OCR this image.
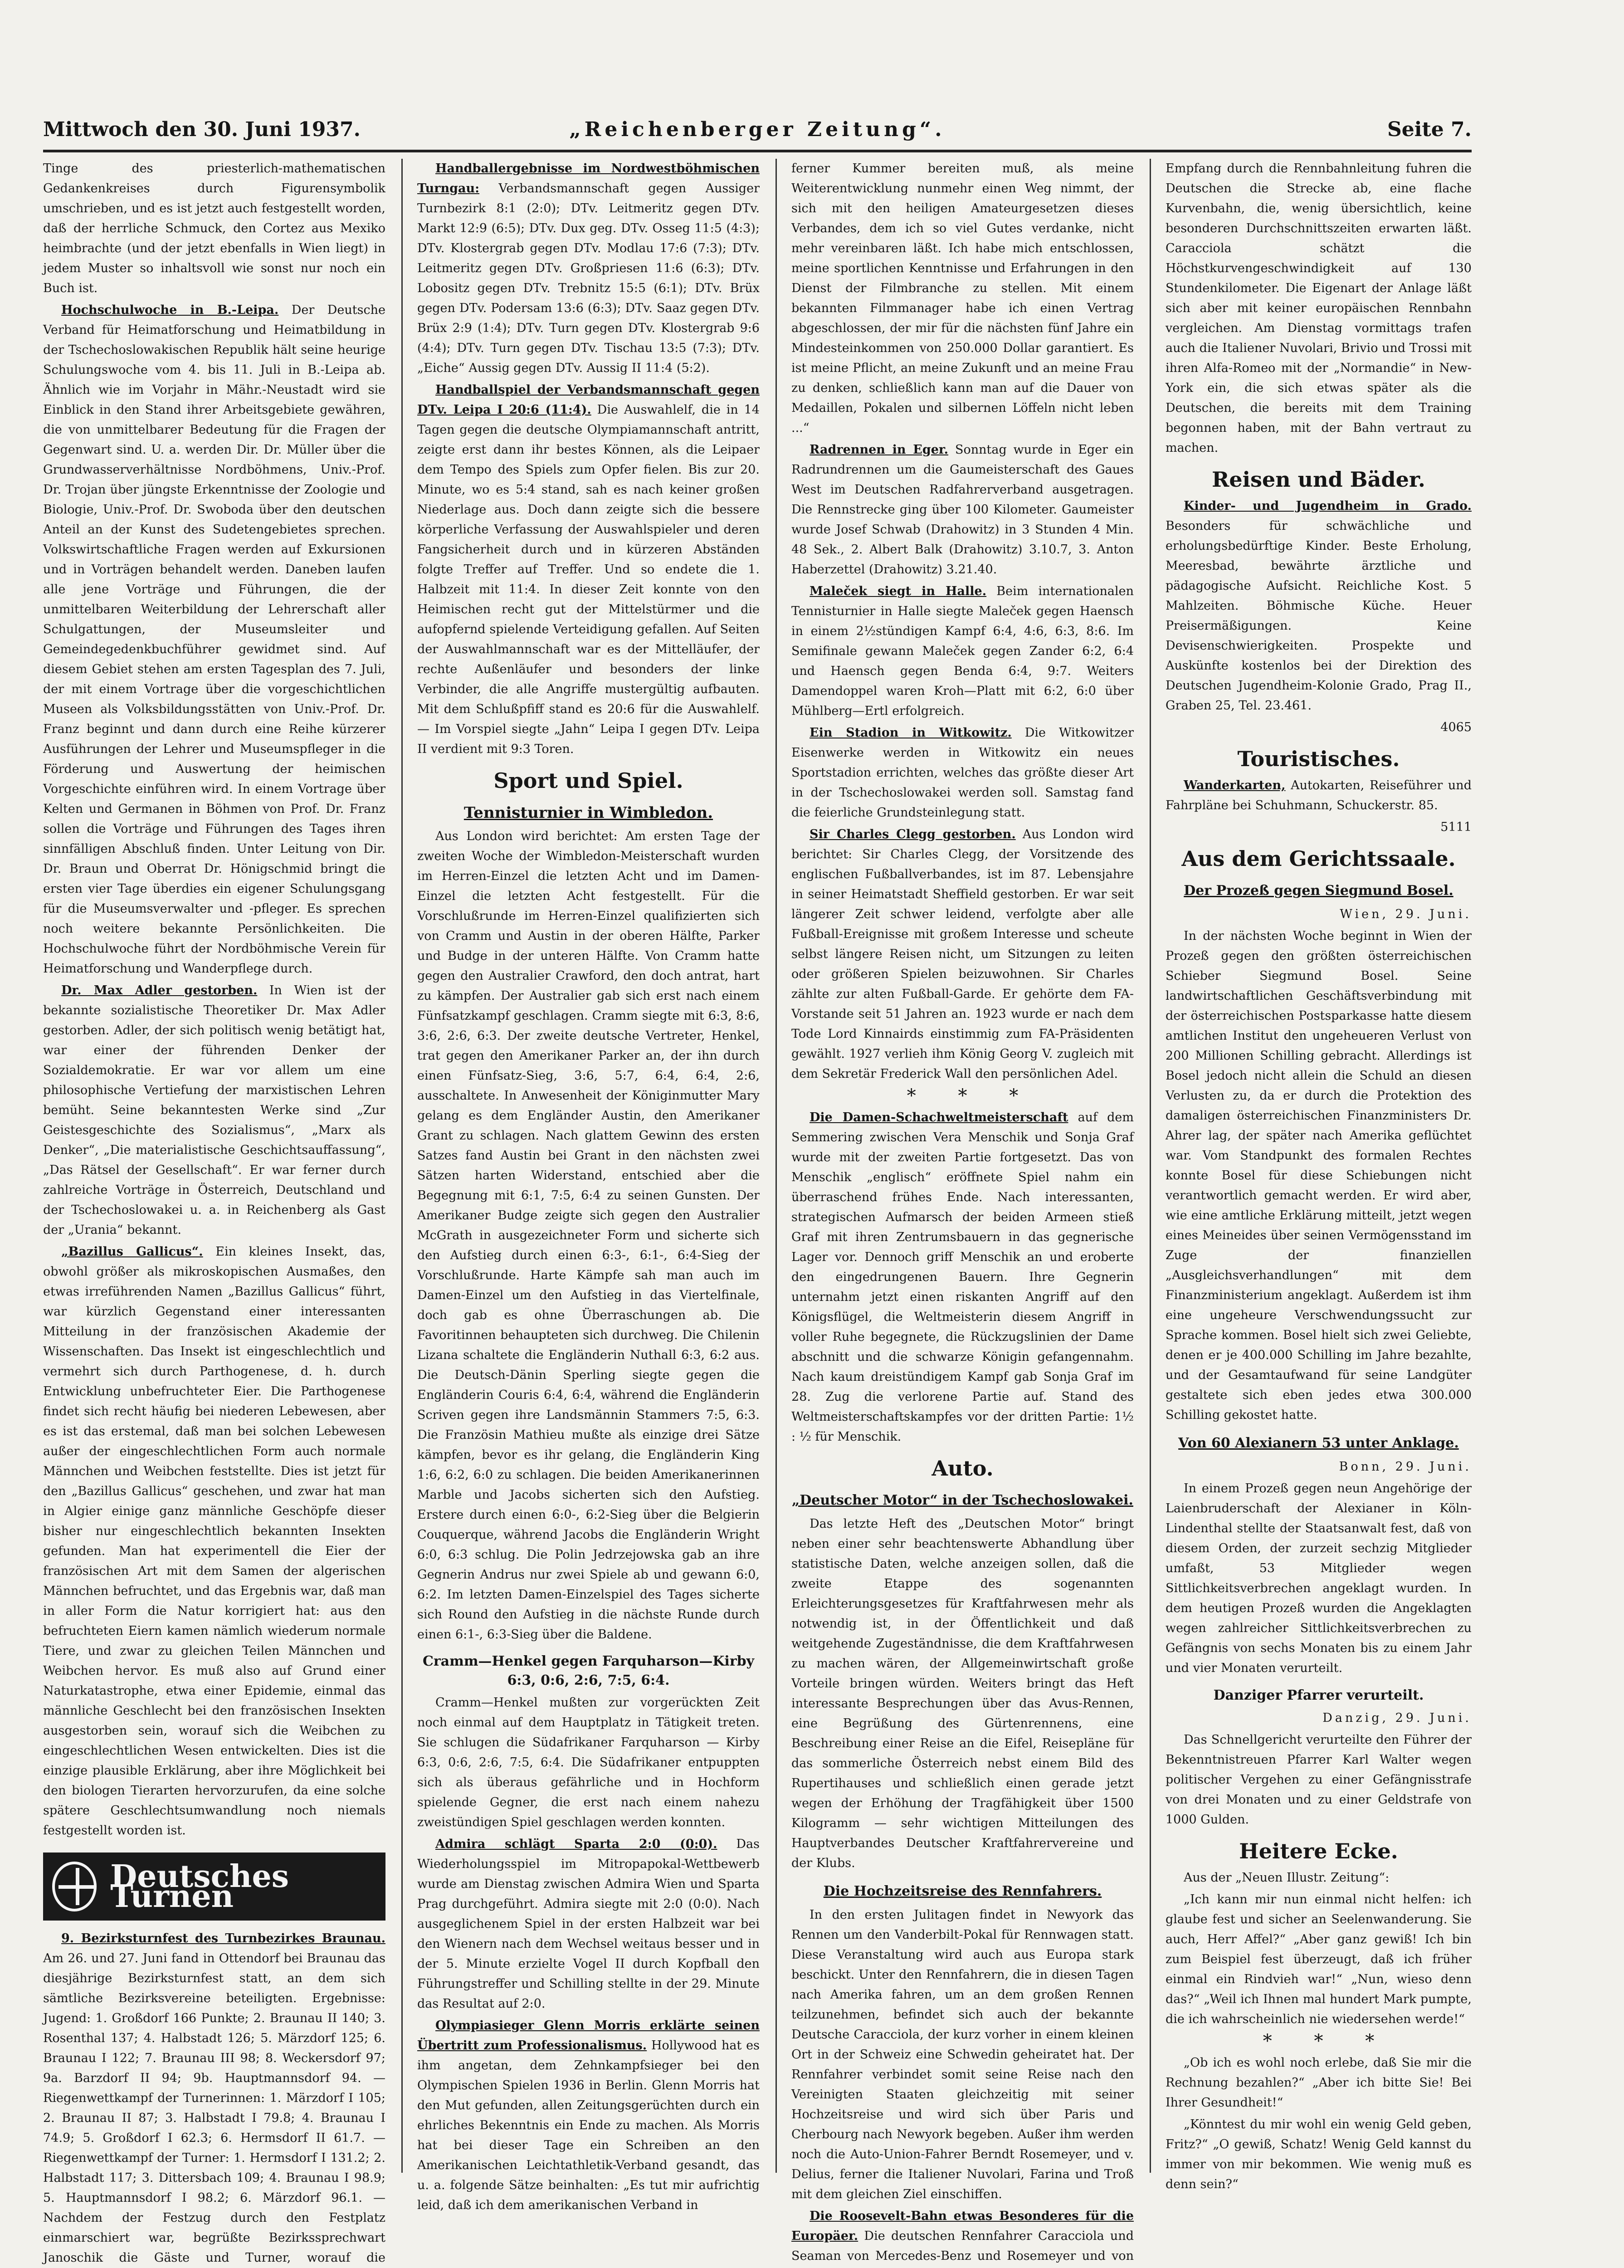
Mittwoch den 30. Juni 1937.	„Reichenberger Zeitung“.	Seite 7.

Tinge des priesterlich-mathematischen Gedankenkreises durch Figurensymbolik umschrieben, und es ist jetzt auch festgestellt worden, daß der herrliche Schmuck, den Cortez aus Mexiko heimbrachte (und der jetzt ebenfalls in Wien liegt) in jedem Muster so inhaltsvoll wie sonst nur noch ein Buch ist.

Hochschulwoche in B.-Leipa. Der Deutsche Verband für Heimatforschung und Heimatbildung in der Tschechoslowakischen Republik hält seine heurige Schulungswoche vom 4. bis 11. Juli in B.-Leipa ab. Ähnlich wie im Vorjahr in Mähr.-Neustadt wird sie Einblick in den Stand ihrer Arbeitsgebiete gewähren, die von unmittelbarer Bedeutung für die Fragen der Gegenwart sind. U. a. werden Dir. Dr. Müller über die Grundwasserverhältnisse Nordböhmens, Univ.-Prof. Dr. Trojan über jüngste Erkenntnisse der Zoologie und Biologie, Univ.-Prof. Dr. Swoboda über den deutschen Anteil an der Kunst des Sudetengebietes sprechen. Volkswirtschaftliche Fragen werden auf Exkursionen und in Vorträgen behandelt werden. Daneben laufen alle jene Vorträge und Führungen, die der unmittelbaren Weiterbildung der Lehrerschaft aller Schulgattungen, der Museumsleiter und Gemeindegedenkbuchführer gewidmet sind. Auf diesem Gebiet stehen am ersten Tagesplan des 7. Juli, der mit einem Vortrage über die vorgeschichtlichen Museen als Volksbildungsstätten von Univ.-Prof. Dr. Franz beginnt und dann durch eine Reihe kürzerer Ausführungen der Lehrer und Museumspfleger in die Förderung und Auswertung der heimischen Vorgeschichte einführen wird. In einem Vortrage über Kelten und Germanen in Böhmen von Prof. Dr. Franz sollen die Vorträge und Führungen des Tages ihren sinnfälligen Abschluß finden. Unter Leitung von Dir. Dr. Braun und Oberrat Dr. Hönigschmid bringt die ersten vier Tage überdies ein eigener Schulungsgang für die Museumsverwalter und -pfleger. Es sprechen noch weitere bekannte Persönlichkeiten. Die Hochschulwoche führt der Nordböhmische Verein für Heimatforschung und Wanderpflege durch.

Dr. Max Adler gestorben. In Wien ist der bekannte sozialistische Theoretiker Dr. Max Adler gestorben. Adler, der sich politisch wenig betätigt hat, war einer der führenden Denker der Sozialdemokratie. Er war vor allem um eine philosophische Vertiefung der marxistischen Lehren bemüht. Seine bekanntesten Werke sind „Zur Geistesgeschichte des Sozialismus“, „Marx als Denker“, „Die materialistische Geschichtsauffassung“, „Das Rätsel der Gesellschaft“. Er war ferner durch zahlreiche Vorträge in Österreich, Deutschland und der Tschechoslowakei u. a. in Reichenberg als Gast der „Urania“ bekannt.

„Bazillus Gallicus“. Ein kleines Insekt, das, obwohl größer als mikroskopischen Ausmaßes, den etwas irreführenden Namen „Bazillus Gallicus“ führt, war kürzlich Gegenstand einer interessanten Mitteilung in der französischen Akademie der Wissenschaften. Das Insekt ist eingeschlechtlich und vermehrt sich durch Parthogenese, d. h. durch Entwicklung unbefruchteter Eier. Die Parthogenese findet sich recht häufig bei niederen Lebewesen, aber es ist das erstemal, daß man bei solchen Lebewesen außer der eingeschlechtlichen Form auch normale Männchen und Weibchen feststellte. Dies ist jetzt für den „Bazillus Gallicus“ geschehen, und zwar hat man in Algier einige ganz männliche Geschöpfe dieser bisher nur eingeschlechtlich bekannten Insekten gefunden. Man hat experimentell die Eier der französischen Art mit dem Samen der algerischen Männchen befruchtet, und das Ergebnis war, daß man in aller Form die Natur korrigiert hat: aus den befruchteten Eiern kamen nämlich wiederum normale Tiere, und zwar zu gleichen Teilen Männchen und Weibchen hervor. Es muß also auf Grund einer Naturkatastrophe, etwa einer Epidemie, einmal das männliche Geschlecht bei den französischen Insekten ausgestorben sein, worauf sich die Weibchen zu eingeschlechtlichen Wesen entwickelten. Dies ist die einzige plausible Erklärung, aber ihre Möglichkeit bei den biologen Tierarten hervorzurufen, da eine solche spätere Geschlechtsumwandlung noch niemals festgestellt worden ist.

Deutsches Turnen

9. Bezirksturnfest des Turnbezirkes Braunau. Am 26. und 27. Juni fand in Ottendorf bei Braunau das diesjährige Bezirksturnfest statt, an dem sich sämtliche Bezirksvereine beteiligten. Ergebnisse: Jugend: 1. Großdorf 166 Punkte; 2. Braunau II 140; 3. Rosenthal 137; 4. Halbstadt 126; 5. Märzdorf 125; 6. Braunau I 122; 7. Braunau III 98; 8. Weckersdorf 97; 9a. Barzdorf II 94; 9b. Hauptmannsdorf 94. — Riegenwettkampf der Turnerinnen: 1. Märzdorf I 105; 2. Braunau II 87; 3. Halbstadt I 79.8; 4. Braunau I 74.9; 5. Großdorf I 62.3; 6. Hermsdorf II 61.7. — Riegenwettkampf der Turner: 1. Hermsdorf I 131.2; 2. Halbstadt 117; 3. Dittersbach 109; 4. Braunau I 98.9; 5. Hauptmannsdorf I 98.2; 6. Märzdorf 96.1. — Nachdem der Festzug durch den Festplatz einmarschiert war, begrüßte Bezirkssprechwart Janoschik die Gäste und Turner, worauf die

Handballergebnisse im Nordwestböhmischen Turngau: Verbandsmannschaft gegen Aussiger Turnbezirk 8:1 (2:0); DTv. Leitmeritz gegen DTv. Markt 12:9 (6:5); DTv. Dux geg. DTv. Osseg 11:5 (4:3); DTv. Klostergrab gegen DTv. Modlau 17:6 (7:3); DTv. Leitmeritz gegen DTv. Großpriesen 11:6 (6:3); DTv. Lobositz gegen DTv. Trebnitz 15:5 (6:1); DTv. Brüx gegen DTv. Podersam 13:6 (6:3); DTv. Saaz gegen DTv. Brüx 2:9 (1:4); DTv. Turn gegen DTv. Klostergrab 9:6 (4:4); DTv. Turn gegen DTv. Tischau 13:5 (7:3); DTv. „Eiche“ Aussig gegen DTv. Aussig II 11:4 (5:2).

Handballspiel der Verbandsmannschaft gegen DTv. Leipa I 20:6 (11:4). Die Auswahlelf, die in 14 Tagen gegen die deutsche Olympiamannschaft antritt, zeigte erst dann ihr bestes Können, als die Leipaer dem Tempo des Spiels zum Opfer fielen. Bis zur 20. Minute, wo es 5:4 stand, sah es nach keiner großen Niederlage aus. Doch dann zeigte sich die bessere körperliche Verfassung der Auswahlspieler und deren Fangsicherheit durch und in kürzeren Abständen folgte Treffer auf Treffer. Und so endete die 1. Halbzeit mit 11:4. In dieser Zeit konnte von den Heimischen recht gut der Mittelstürmer und die aufopfernd spielende Verteidigung gefallen. Auf Seiten der Auswahlmannschaft war es der Mittelläufer, der rechte Außenläufer und besonders der linke Verbinder, die alle Angriffe mustergültig aufbauten. Mit dem Schlußpfiff stand es 20:6 für die Auswahlelf. — Im Vorspiel siegte „Jahn“ Leipa I gegen DTv. Leipa II verdient mit 9:3 Toren.

Sport und Spiel.
Tennisturnier in Wimbledon.

Aus London wird berichtet: Am ersten Tage der zweiten Woche der Wimbledon-Meisterschaft wurden im Herren-Einzel die letzten Acht und im Damen-Einzel die letzten Acht festgestellt. Für die Vorschlußrunde im Herren-Einzel qualifizierten sich von Cramm und Austin in der oberen Hälfte, Parker und Budge in der unteren Hälfte. Von Cramm hatte gegen den Australier Crawford, den doch antrat, hart zu kämpfen. Der Australier gab sich erst nach einem Fünfsatzkampf geschlagen. Cramm siegte mit 6:3, 8:6, 3:6, 2:6, 6:3. Der zweite deutsche Vertreter, Henkel, trat gegen den Amerikaner Parker an, der ihn durch einen Fünfsatz-Sieg, 3:6, 5:7, 6:4, 6:4, 2:6, ausschaltete. In Anwesenheit der Königinmutter Mary gelang es dem Engländer Austin, den Amerikaner Grant zu schlagen. Nach glattem Gewinn des ersten Satzes fand Austin bei Grant in den nächsten zwei Sätzen harten Widerstand, entschied aber die Begegnung mit 6:1, 7:5, 6:4 zu seinen Gunsten. Der Amerikaner Budge zeigte sich gegen den Australier McGrath in ausgezeichneter Form und sicherte sich den Aufstieg durch einen 6:3-, 6:1-, 6:4-Sieg der Vorschlußrunde. Harte Kämpfe sah man auch im Damen-Einzel um den Aufstieg in das Viertelfinale, doch gab es ohne Überraschungen ab. Die Favoritinnen behaupteten sich durchweg. Die Chilenin Lizana schaltete die Engländerin Nuthall 6:3, 6:2 aus. Die Deutsch-Dänin Sperling siegte gegen die Engländerin Couris 6:4, 6:4, während die Engländerin Scriven gegen ihre Landsmännin Stammers 7:5, 6:3. Die Französin Mathieu mußte als einzige drei Sätze kämpfen, bevor es ihr gelang, die Engländerin King 1:6, 6:2, 6:0 zu schlagen. Die beiden Amerikanerinnen Marble und Jacobs sicherten sich den Aufstieg. Erstere durch einen 6:0-, 6:2-Sieg über die Belgierin Couquerque, während Jacobs die Engländerin Wright 6:0, 6:3 schlug. Die Polin Jedrzejowska gab an ihre Gegnerin Andrus nur zwei Spiele ab und gewann 6:0, 6:2. Im letzten Damen-Einzelspiel des Tages sicherte sich Round den Aufstieg in die nächste Runde durch einen 6:1-, 6:3-Sieg über die Baldene.

Cramm—Henkel gegen Farquharson—Kirby 6:3, 0:6, 2:6, 7:5, 6:4.

Cramm—Henkel mußten zur vorgerückten Zeit noch einmal auf dem Hauptplatz in Tätigkeit treten. Sie schlugen die Südafrikaner Farquharson — Kirby 6:3, 0:6, 2:6, 7:5, 6:4. Die Südafrikaner entpuppten sich als überaus gefährliche und in Hochform spielende Gegner, die erst nach einem nahezu zweistündigen Spiel geschlagen werden konnten.

Admira schlägt Sparta 2:0 (0:0). Das Wiederholungsspiel im Mitropapokal-Wettbewerb wurde am Dienstag zwischen Admira Wien und Sparta Prag durchgeführt. Admira siegte mit 2:0 (0:0). Nach ausgeglichenem Spiel in der ersten Halbzeit war bei den Wienern nach dem Wechsel weitaus besser und in der 5. Minute erzielte Vogel II durch Kopfball den Führungstreffer und Schilling stellte in der 29. Minute das Resultat auf 2:0.

Olympiasieger Glenn Morris erklärte seinen Übertritt zum Professionalismus. Hollywood hat es ihm angetan, dem Zehnkampfsieger bei den Olympischen Spielen 1936 in Berlin. Glenn Morris hat den Mut gefunden, allen Zeitungsgerüchten durch ein ehrliches Bekenntnis ein Ende zu machen. Als Morris hat bei dieser Tage ein Schreiben an den Amerikanischen Leichtathletik-Verband gesandt, das u. a. folgende Sätze beinhalten: „Es tut mir aufrichtig leid, daß ich dem amerikanischen Verband in

ferner Kummer bereiten muß, als meine Weiterentwicklung nunmehr einen Weg nimmt, der sich mit den heiligen Amateurgesetzen dieses Verbandes, dem ich so viel Gutes verdanke, nicht mehr vereinbaren läßt. Ich habe mich entschlossen, meine sportlichen Kenntnisse und Erfahrungen in den Dienst der Filmbranche zu stellen. Mit einem bekannten Filmmanager habe ich einen Vertrag abgeschlossen, der mir für die nächsten fünf Jahre ein Mindesteinkommen von 250.000 Dollar garantiert. Es ist meine Pflicht, an meine Zukunft und an meine Frau zu denken, schließlich kann man auf die Dauer von Medaillen, Pokalen und silbernen Löffeln nicht leben ...“

Radrennen in Eger. Sonntag wurde in Eger ein Radrundrennen um die Gaumeisterschaft des Gaues West im Deutschen Radfahrerverband ausgetragen. Die Rennstrecke ging über 100 Kilometer. Gaumeister wurde Josef Schwab (Drahowitz) in 3 Stunden 4 Min. 48 Sek., 2. Albert Balk (Drahowitz) 3.10.7, 3. Anton Haberzettel (Drahowitz) 3.21.40.

Maleček siegt in Halle. Beim internationalen Tennisturnier in Halle siegte Maleček gegen Haensch in einem 2½stündigen Kampf 6:4, 4:6, 6:3, 8:6. Im Semifinale gewann Maleček gegen Zander 6:2, 6:4 und Haensch gegen Benda 6:4, 9:7. Weiters Damendoppel waren Kroh—Platt mit 6:2, 6:0 über Mühlberg—Ertl erfolgreich.

Ein Stadion in Witkowitz. Die Witkowitzer Eisenwerke werden in Witkowitz ein neues Sportstadion errichten, welches das größte dieser Art in der Tschechoslowakei werden soll. Samstag fand die feierliche Grundsteinlegung statt.

Sir Charles Clegg gestorben. Aus London wird berichtet: Sir Charles Clegg, der Vorsitzende des englischen Fußballverbandes, ist im 87. Lebensjahre in seiner Heimatstadt Sheffield gestorben. Er war seit längerer Zeit schwer leidend, verfolgte aber alle Fußball-Ereignisse mit großem Interesse und scheute selbst längere Reisen nicht, um Sitzungen zu leiten oder größeren Spielen beizuwohnen. Sir Charles zählte zur alten Fußball-Garde. Er gehörte dem FA-Vorstande seit 51 Jahren an. 1923 wurde er nach dem Tode Lord Kinnairds einstimmig zum FA-Präsidenten gewählt. 1927 verlieh ihm König Georg V. zugleich mit dem Sekretär Frederick Wall den persönlichen Adel.

* * *

Die Damen-Schachweltmeisterschaft auf dem Semmering zwischen Vera Menschik und Sonja Graf wurde mit der zweiten Partie fortgesetzt. Das von Menschik „englisch“ eröffnete Spiel nahm ein überraschend frühes Ende. Nach interessanten, strategischen Aufmarsch der beiden Armeen stieß Graf mit ihren Zentrumsbauern in das gegnerische Lager vor. Dennoch griff Menschik an und eroberte den eingedrungenen Bauern. Ihre Gegnerin unternahm jetzt einen riskanten Angriff auf den Königsflügel, die Weltmeisterin diesem Angriff in voller Ruhe begegnete, die Rückzugslinien der Dame abschnitt und die schwarze Königin gefangennahm. Nach kaum dreistündigem Kampf gab Sonja Graf im 28. Zug die verlorene Partie auf. Stand des Weltmeisterschaftskampfes vor der dritten Partie: 1½ : ½ für Menschik.

Auto.
„Deutscher Motor“ in der Tschechoslowakei.

Das letzte Heft des „Deutschen Motor“ bringt neben einer sehr beachtenswerte Abhandlung über statistische Daten, welche anzeigen sollen, daß die zweite Etappe des sogenannten Erleichterungsgesetzes für Kraftfahrwesen mehr als notwendig ist, in der Öffentlichkeit und daß weitgehende Zugeständnisse, die dem Kraftfahrwesen zu machen wären, der Allgemeinwirtschaft große Vorteile bringen würden. Weiters bringt das Heft interessante Besprechungen über das Avus-Rennen, eine Begrüßung des Gürtenrennens, eine Beschreibung einer Reise an die Eifel, Reisepläne für das sommerliche Österreich nebst einem Bild des Rupertihauses und schließlich einen gerade jetzt wegen der Erhöhung der Tragfähigkeit über 1500 Kilogramm — sehr wichtigen Mitteilungen des Hauptverbandes Deutscher Kraftfahrervereine und der Klubs.

Die Hochzeitsreise des Rennfahrers.

In den ersten Julitagen findet in Newyork das Rennen um den Vanderbilt-Pokal für Rennwagen statt. Diese Veranstaltung wird auch aus Europa stark beschickt. Unter den Rennfahrern, die in diesen Tagen nach Amerika fahren, um an dem großen Rennen teilzunehmen, befindet sich auch der bekannte Deutsche Caracciola, der kurz vorher in einem kleinen Ort in der Schweiz eine Schwedin geheiratet hat. Der Rennfahrer verbindet somit seine Reise nach den Vereinigten Staaten gleichzeitig mit seiner Hochzeitsreise und wird sich über Paris und Cherbourg nach Newyork begeben. Außer ihm werden noch die Auto-Union-Fahrer Berndt Rosemeyer, und v. Delius, ferner die Italiener Nuvolari, Farina und Troß mit dem gleichen Ziel einschiffen.

Die Roosevelt-Bahn etwas Besonderes für die Europäer. Die deutschen Rennfahrer Caracciola und Seaman von Mercedes-Benz und Rosemeyer und von

Empfang durch die Rennbahnleitung fuhren die Deutschen die Strecke ab, eine flache Kurvenbahn, die, wenig übersichtlich, keine besonderen Durchschnittszeiten erwarten läßt. Caracciola schätzt die Höchstkurvengeschwindigkeit auf 130 Stundenkilometer. Die Eigenart der Anlage läßt sich aber mit keiner europäischen Rennbahn vergleichen. Am Dienstag vormittags trafen auch die Italiener Nuvolari, Brivio und Trossi mit ihren Alfa-Romeo mit der „Normandie“ in New-York ein, die sich etwas später als die Deutschen, die bereits mit dem Training begonnen haben, mit der Bahn vertraut zu machen.

Reisen und Bäder.

Kinder- und Jugendheim in Grado. Besonders für schwächliche und erholungsbedürftige Kinder. Beste Erholung, Meeresbad, bewährte ärztliche und pädagogische Aufsicht. Reichliche Kost. 5 Mahlzeiten. Böhmische Küche. Heuer Preisermäßigungen. Keine Devisenschwierigkeiten. Prospekte und Auskünfte kostenlos bei der Direktion des Deutschen Jugendheim-Kolonie Grado, Prag II., Graben 25, Tel. 23.461.

4065

Touristisches.

Wanderkarten, Autokarten, Reiseführer und Fahrpläne bei Schuhmann, Schuckerstr. 85.

5111

Aus dem Gerichtssaale.
Der Prozeß gegen Siegmund Bosel.

Wien, 29. Juni.

In der nächsten Woche beginnt in Wien der Prozeß gegen den größten österreichischen Schieber Siegmund Bosel. Seine landwirtschaftlichen Geschäftsverbindung mit der österreichischen Postsparkasse hatte diesem amtlichen Institut den ungeheueren Verlust von 200 Millionen Schilling gebracht. Allerdings ist Bosel jedoch nicht allein die Schuld an diesen Verlusten zu, da er durch die Protektion des damaligen österreichischen Finanzministers Dr. Ahrer lag, der später nach Amerika geflüchtet war. Vom Standpunkt des formalen Rechtes konnte Bosel für diese Schiebungen nicht verantwortlich gemacht werden. Er wird aber, wie eine amtliche Erklärung mitteilt, jetzt wegen eines Meineides über seinen Vermögensstand im Zuge der finanziellen „Ausgleichsverhandlungen“ mit dem Finanzministerium angeklagt. Außerdem ist ihm eine ungeheure Verschwendungssucht zur Sprache kommen. Bosel hielt sich zwei Geliebte, denen er je 400.000 Schilling im Jahre bezahlte, und der Gesamtaufwand für seine Landgüter gestaltete sich eben jedes etwa 300.000 Schilling gekostet hatte.

Von 60 Alexianern 53 unter Anklage.

Bonn, 29. Juni.

In einem Prozeß gegen neun Angehörige der Laienbruderschaft der Alexianer in Köln-Lindenthal stellte der Staatsanwalt fest, daß von diesem Orden, der zurzeit sechzig Mitglieder umfaßt, 53 Mitglieder wegen Sittlichkeitsverbrechen angeklagt wurden. In dem heutigen Prozeß wurden die Angeklagten wegen zahlreicher Sittlichkeitsverbrechen zu Gefängnis von sechs Monaten bis zu einem Jahr und vier Monaten verurteilt.

Danziger Pfarrer verurteilt.

Danzig, 29. Juni.

Das Schnellgericht verurteilte den Führer der Bekenntnistreuen Pfarrer Karl Walter wegen politischer Vergehen zu einer Gefängnisstrafe von drei Monaten und zu einer Geldstrafe von 1000 Gulden.

Heitere Ecke.

Aus der „Neuen Illustr. Zeitung“:

„Ich kann mir nun einmal nicht helfen: ich glaube fest und sicher an Seelenwanderung. Sie auch, Herr Affel?“ „Aber ganz gewiß! Ich bin zum Beispiel fest überzeugt, daß ich früher einmal ein Rindvieh war!“ „Nun, wieso denn das?“ „Weil ich Ihnen mal hundert Mark pumpte, die ich wahrscheinlich nie wiedersehen werde!“

* * *

„Ob ich es wohl noch erlebe, daß Sie mir die Rechnung bezahlen?“ „Aber ich bitte Sie! Bei Ihrer Gesundheit!“

„Könntest du mir wohl ein wenig Geld geben, Fritz?“ „O gewiß, Schatz! Wenig Geld kannst du immer von mir bekommen. Wie wenig muß es denn sein?“
